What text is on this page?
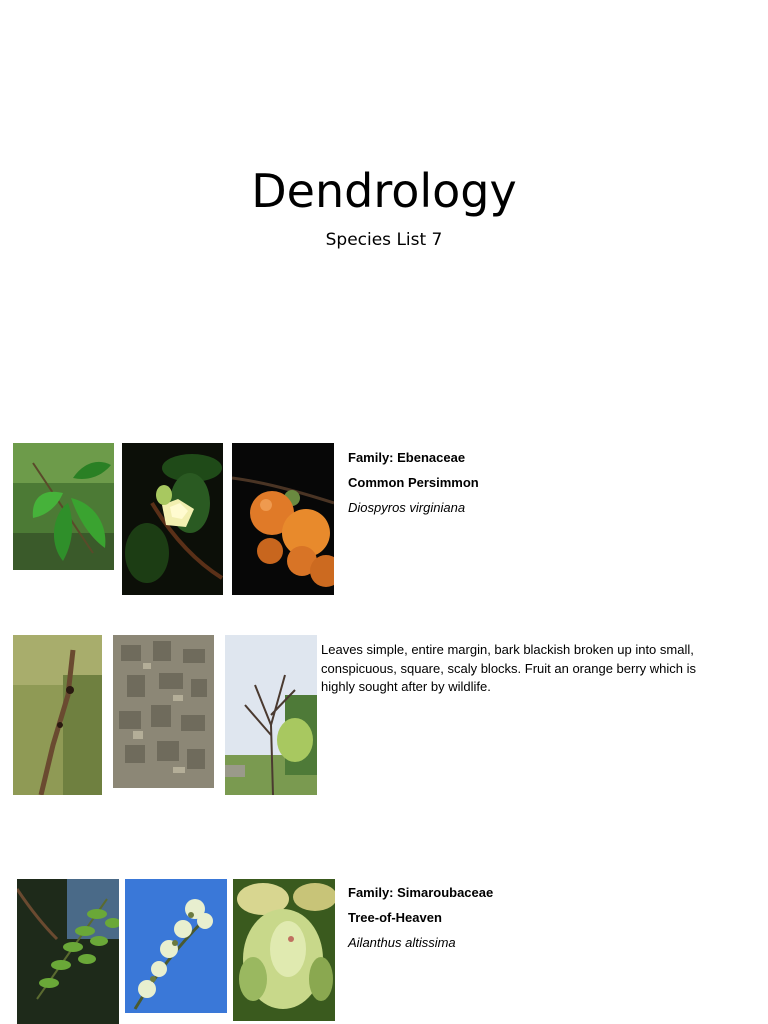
Dendrology
Species List 7
Family: Ebenaceae
Common Persimmon
Diospyros virginiana
Leaves simple, entire margin, bark blackish broken up into small, conspicuous, square, scaly blocks. Fruit an orange berry which is highly sought after by wildlife.
Family: Simaroubaceae
Tree-of-Heaven
Ailanthus altissima
